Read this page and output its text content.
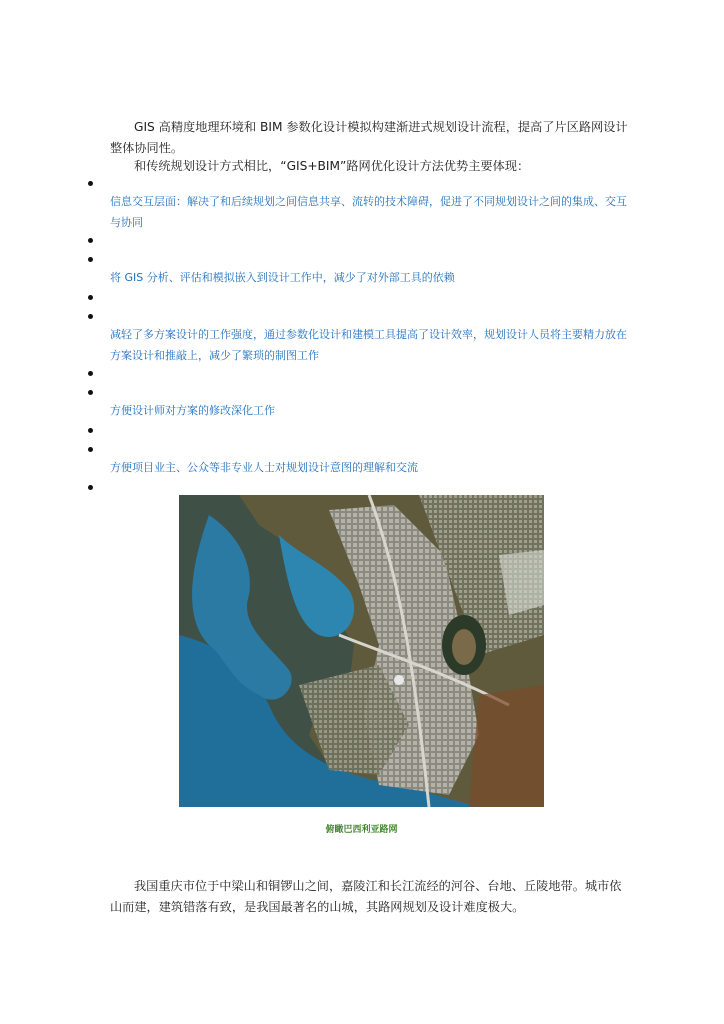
GIS 高精度地理环境和 BIM 参数化设计模拟构建渐进式规划设计流程，提高了片区路网设计整体协同性。

和传统规划设计方式相比，“GIS+BIM”路网优化设计方法优势主要体现：

信息交互层面：解决了和后续规划之间信息共享、流转的技术障碍，促进了不同规划设计之间的集成、交互与协同

将 GIS 分析、评估和模拟嵌入到设计工作中，减少了对外部工具的依赖

减轻了多方案设计的工作强度，通过参数化设计和建模工具提高了设计效率，规划设计人员将主要精力放在方案设计和推敲上，减少了繁琐的制图工作

方便设计师对方案的修改深化工作

方便项目业主、公众等非专业人士对规划设计意图的理解和交流

俯瞰巴西利亚路网

我国重庆市位于中梁山和铜锣山之间，嘉陵江和长江流经的河谷、台地、丘陵地带。城市依山而建，建筑错落有致，是我国最著名的山城，其路网规划及设计难度极大。
